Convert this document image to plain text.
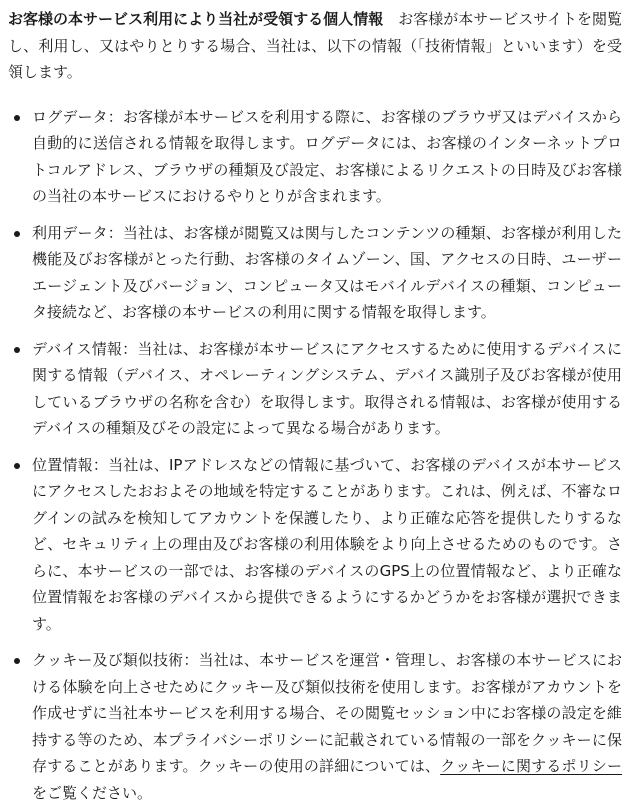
お客様の本サービス利用により当社が受領する個人情報　 お客様が本サービスサイトを閲覧し、利用し、又はやりとりする場合、当社は、以下の情報（「技術情報」といいます）を受領します。

ログデータ：お客様が本サービスを利用する際に、お客様のブラウザ又はデバイスから自動的に送信される情報を取得します。ログデータには、お客様のインターネットプロトコルアドレス、ブラウザの種類及び設定、お客様によるリクエストの日時及びお客様の当社の本サービスにおけるやりとりが含まれます。
利用データ：当社は、お客様が閲覧又は関与したコンテンツの種類、お客様が利用した機能及びお客様がとった行動、お客様のタイムゾーン、国、アクセスの日時、ユーザーエージェント及びバージョン、コンピュータ又はモバイルデバイスの種類、コンピュータ接続など、お客様の本サービスの利用に関する情報を取得します。
デバイス情報：当社は、お客様が本サービスにアクセスするために使用するデバイスに関する情報（デバイス、オペレーティングシステム、デバイス識別子及びお客様が使用しているブラウザの名称を含む）を取得します。取得される情報は、お客様が使用するデバイスの種類及びその設定によって異なる場合があります。
位置情報：当社は、IPアドレスなどの情報に基づいて、お客様のデバイスが本サービスにアクセスしたおおよその地域を特定することがあります。これは、例えば、不審なログインの試みを検知してアカウントを保護したり、より正確な応答を提供したりするなど、セキュリティ上の理由及びお客様の利用体験をより向上させるためのものです。さらに、本サービスの一部では、お客様のデバイスのGPS上の位置情報など、より正確な位置情報をお客様のデバイスから提供できるようにするかどうかをお客様が選択できます。
クッキー及び類似技術：当社は、本サービスを運営・管理し、お客様の本サービスにおける体験を向上させためにクッキー及び類似技術を使用します。お客様がアカウントを作成せずに当社本サービスを利用する場合、その閲覧セッション中にお客様の設定を維持する等のため、本プライバシーポリシーに記載されている情報の一部をクッキーに保存することがあります。クッキーの使用の詳細については、クッキーに関するポリシーをご覧ください。
